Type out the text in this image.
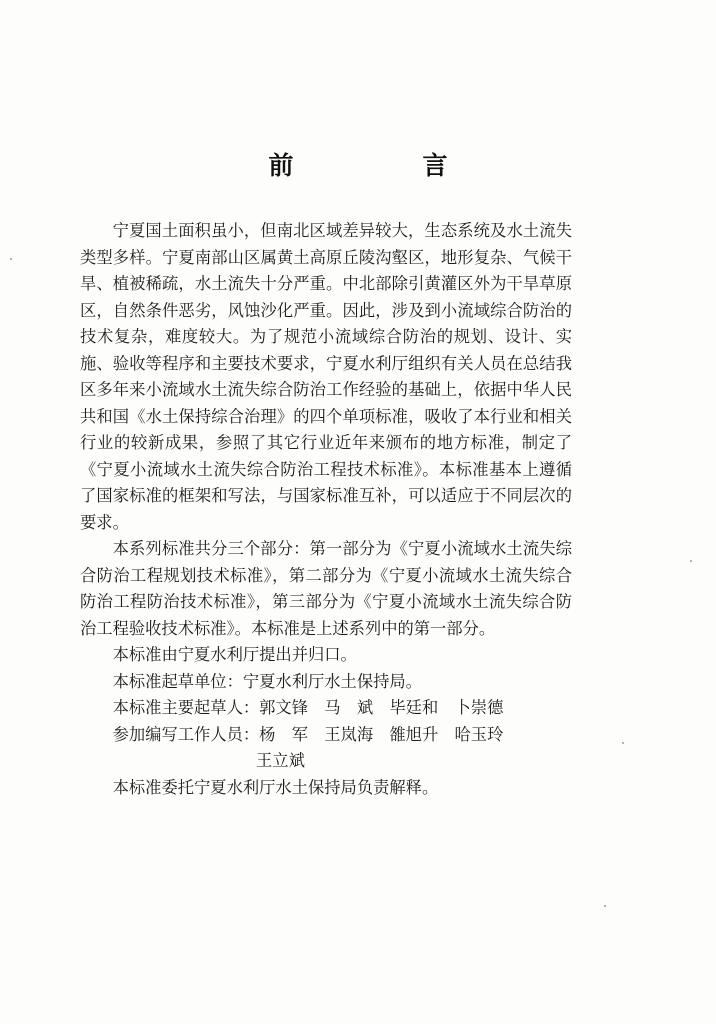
前　言

宁夏国土面积虽小，但南北区域差异较大，生态系统及水土流失类型多样。宁夏南部山区属黄土高原丘陵沟壑区，地形复杂、气候干旱、植被稀疏，水土流失十分严重。中北部除引黄灌区外为干旱草原区，自然条件恶劣，风蚀沙化严重。因此，涉及到小流域综合防治的技术复杂，难度较大。为了规范小流域综合防治的规划、设计、实施、验收等程序和主要技术要求，宁夏水利厅组织有关人员在总结我区多年来小流域水土流失综合防治工作经验的基础上，依据中华人民共和国《水土保持综合治理》的四个单项标准，吸收了本行业和相关行业的较新成果，参照了其它行业近年来颁布的地方标准，制定了《宁夏小流域水土流失综合防治工程技术标准》。本标准基本上遵循了国家标准的框架和写法，与国家标准互补，可以适应于不同层次的要求。

本系列标准共分三个部分：第一部分为《宁夏小流域水土流失综合防治工程规划技术标准》，第二部分为《宁夏小流域水土流失综合防治工程防治技术标准》，第三部分为《宁夏小流域水土流失综合防治工程验收技术标准》。本标准是上述系列中的第一部分。

本标准由宁夏水利厅提出并归口。

本标准起草单位：宁夏水利厅水土保持局。

本标准主要起草人：郭文锋　马　斌　毕廷和　卜崇德

参加编写工作人员：杨　军　王岚海　雒旭升　哈玉玲

王立斌

本标准委托宁夏水利厅水土保持局负责解释。
